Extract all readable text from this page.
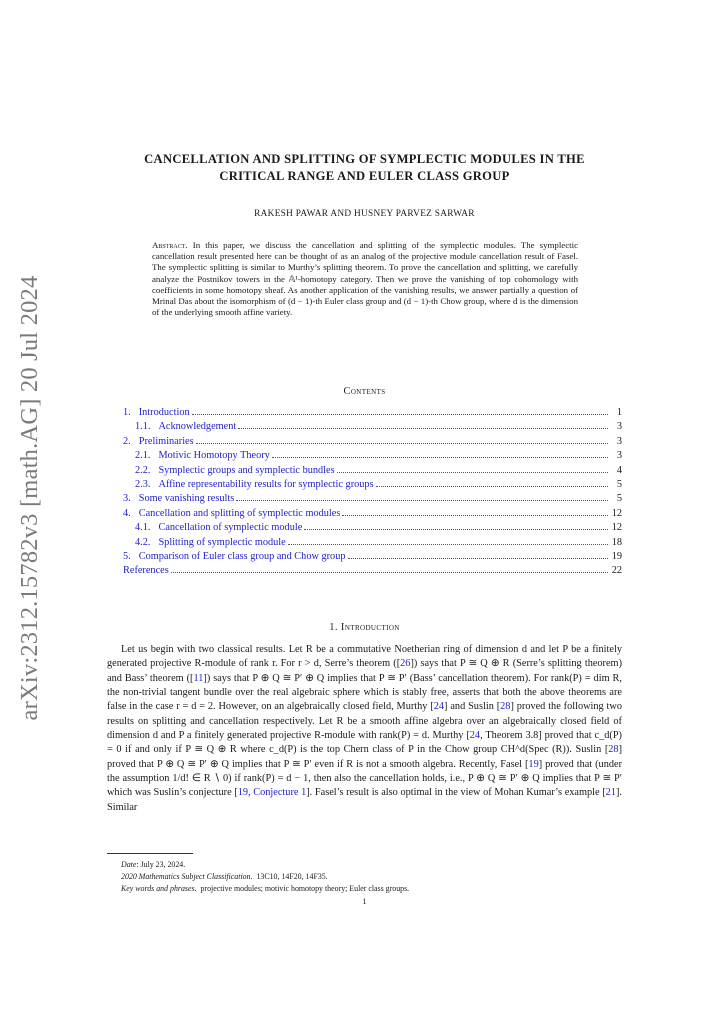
arXiv:2312.15782v3 [math.AG] 20 Jul 2024
CANCELLATION AND SPLITTING OF SYMPLECTIC MODULES IN THE
CRITICAL RANGE AND EULER CLASS GROUP
RAKESH PAWAR AND HUSNEY PARVEZ SARWAR
Abstract. In this paper, we discuss the cancellation and splitting of the symplectic modules. The symplectic cancellation result presented here can be thought of as an analog of the projective module cancellation result of Fasel. The symplectic splitting is similar to Murthy’s splitting theorem. To prove the cancellation and splitting, we carefully analyze the Postnikov towers in the 𝔸¹-homotopy category. Then we prove the vanishing of top cohomology with coefficients in some homotopy sheaf. As another application of the vanishing results, we answer partially a question of Mrinal Das about the isomorphism of (d − 1)-th Euler class group and (d − 1)-th Chow group, where d is the dimension of the underlying smooth affine variety.
Contents
1. Introduction	1
1.1. Acknowledgement	3
2. Preliminaries	3
2.1. Motivic Homotopy Theory	3
2.2. Symplectic groups and symplectic bundles	4
2.3. Affine representability results for symplectic groups	5
3. Some vanishing results	5
4. Cancellation and splitting of symplectic modules	12
4.1. Cancellation of symplectic module	12
4.2. Splitting of symplectic module	18
5. Comparison of Euler class group and Chow group	19
References	22
1. Introduction

Let us begin with two classical results. Let R be a commutative Noetherian ring of dimension d and let P be a finitely generated projective R-module of rank r. For r > d, Serre’s theorem ([26]) says that P ≅ Q ⊕ R (Serre’s splitting theorem) and Bass’ theorem ([11]) says that P ⊕ Q ≅ P′ ⊕ Q implies that P ≅ P′ (Bass’ cancellation theorem). For rank(P) = dim R, the non-trivial tangent bundle over the real algebraic sphere which is stably free, asserts that both the above theorems are false in the case r = d = 2. However, on an algebraically closed field, Murthy [24] and Suslin [28] proved the following two results on splitting and cancellation respectively. Let R be a smooth affine algebra over an algebraically closed field of dimension d and P a finitely generated projective R-module with rank(P) = d. Murthy [24, Theorem 3.8] proved that c_d(P) = 0 if and only if P ≅ Q ⊕ R where c_d(P) is the top Chern class of P in the Chow group CH^d(Spec (R)). Suslin [28] proved that P ⊕ Q ≅ P′ ⊕ Q implies that P ≅ P′ even if R is not a smooth algebra. Recently, Fasel [19] proved that (under the assumption 1/d! ∈ R ∖ 0) if rank(P) = d − 1, then also the cancellation holds, i.e., P ⊕ Q ≅ P′ ⊕ Q implies that P ≅ P′ which was Suslin’s conjecture [19, Conjecture 1]. Fasel’s result is also optimal in the view of Mohan Kumar’s example [21]. Similar

Date: July 23, 2024.
2020 Mathematics Subject Classification. 13C10, 14F20, 14F35.
Key words and phrases. projective modules; motivic homotopy theory; Euler class groups.
1
